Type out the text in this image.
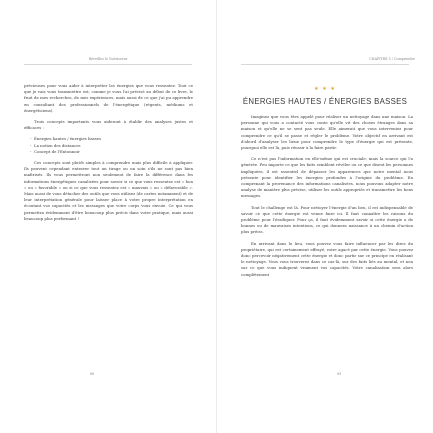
Réveillez le Guérisseur

précieuses pour vous aider à interpréter les énergies que vous ressentez. Tout ce que je vais vous transmettre est, comme je vous l'ai précisé au début de ce livre, le fruit de mes recherches, de mes expériences, mais aussi de ce que j'ai pu apprendre en consultant des professionnels de l'énergétique (régents, médiums et énergéticiens).

Trois concepts importants vous aideront à établir des analyses justes et efficaces :

- Énergies hautes / énergies basses
- La notion des distances
- Concept de l'Entonnoir

Ces concepts sont plutôt simples à comprendre mais plus difficile à appliquer. Ils peuvent cependant entraver tout un tirage ou un soin s'ils ne sont pas bien maîtrisés. Ils vous permettront non seulement de faire la différence dans les informations énergétiques canalisées pour savoir si ce que vous ressentez est « bon » ou « favorable » ou si ce que vous ressentez est « mauvais » ou « défavorable ». Mais aussi de vous détacher des outils que vous utilisez (de cartes notamment) et de leur interprétation générale pour laisser place à votre propre interprétation en écoutant vos capacités et les messages que votre corps vous envoie. Ce qui vous permettra évidemment d'être beaucoup plus précis dans votre pratique, mais aussi beaucoup plus performant !

88
CHAPITRE 5 / Comprendre
★ ★ ★
ÉNERGIES HAUTES / ÉNERGIES BASSES

Imaginez que vous êtes appelé pour réaliser un nettoyage dans une maison. La personne qui vous a contacté vous conte qu'elle vit des choses étranges dans sa maison et qu'elle ne se sent pas seule. Elle aimerait que vous interveniez pour comprendre ce qu'il se passe et régler le problème. Votre objectif en arrivant est d'abord d'analyser les lieux pour comprendre le type d'énergie qui est présente, pourquoi elle est là, puis réussir à la faire partir.

Ce n'est pas l'information en elle-même qui est cruciale, mais la source qui l'a générée. Peu importe ce que les faits semblent révéler ou ce que disent les personnes impliquées, il est essentiel de dépasser les apparences que notre mental nous présente pour identifier les énergies profondes à l'origine du problème. En comprenant la provenance des informations canalisées, nous pouvons adapter notre analyse de manière plus précise, utiliser les outils appropriés et transmettre les bons messages.

Tout le challenge est là. Pour nettoyer l'énergie d'un lieu, il est indispensable de savoir ce que cette énergie est venue faire ici. Il faut connaître les raisons du problème pour l'éradiquer. Pour ça, il faut évidemment savoir si cette énergie a de bonnes ou de mauvaises intentions, ce qui donnera naissance à un chemin d'action plus précis.

En arrivant dans le lieu, vous pouvez vous faire influencer par les dires du propriétaire, qui est certainement effrayé, voire agacé par cette énergie. Vous pouvez donc percevoir négativement cette énergie et donc partir sur ce principe en réalisant le nettoyage. Vous vous trouverez dans ce cas-là, sur des faits liés au mental, et non sur ce que vous indiquent vraiment vos capacités. Votre canalisation sera alors complètement

89
